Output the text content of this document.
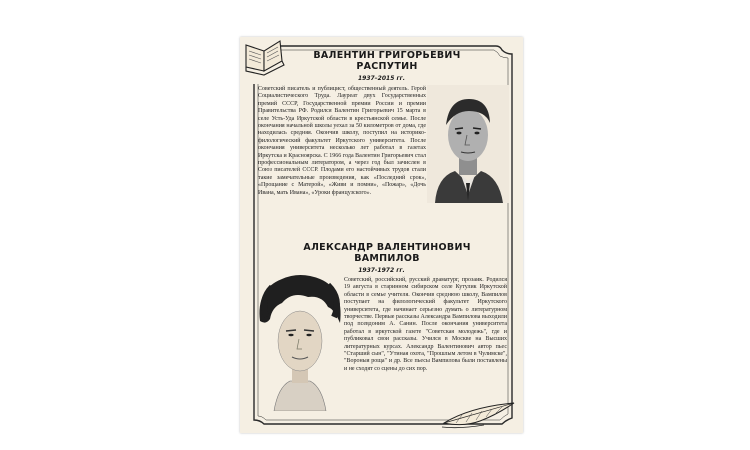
ВАЛЕНТИН ГРИГОРЬЕВИЧ
РАСПУТИН
1937–2015 гг.

Советский писатель и публицист, общественный деятель. Герой Социалистического Труда. Лауреат двух Государственных премий СССР, Государственной премии России и премии Правительства РФ. Родился Валентин Григорьевич 15 марта в селе Усть-Уда Иркутской области в крестьянской семье. После окончания начальной школы уехал за 50 километров от дома, где находилась средняя. Окончив школу, поступил на историко-филологический факультет Иркутского университета. После окончания университета несколько лет работал в газетах Иркутска и Красноярска. С 1966 года Валентин Григорьевич стал профессиональным литератором, а через год был зачислен в Союз писателей СССР. Плодами его настойчивых трудов стали такие замечательные произведения, как «Последний срок», «Прощание с Матерой», «Живи и помни», «Пожар», «Дочь Ивана, мать Ивана», «Уроки французского».

АЛЕКСАНДР ВАЛЕНТИНОВИЧ
ВАМПИЛОВ
1937-1972 гг.

Советский, российский, русский драматург, прозаик. Родился 19 августа в старинном сибирском селе Кутулик Иркутской области в семье учителя. Окончив среднюю школу, Вампилов поступает на филологический факультет Иркутского университета, где начинает серьезно думать о литературном творчестве. Первые рассказы Александра Вампилова выходили под псевдоним А. Санин. После окончания университета работал в иркутской газете "Советская молодежь", где и публиковал свои рассказы. Учился в Москве на Высших литературных курсах. Александр Валентинович автор пьес "Старший сын", "Утиная охота, "Прошлым летом в Чулимске", "Вороныя роща" и др. Все пьесы Вампилова были поставлены и не сходят со сцены до сих пор.
